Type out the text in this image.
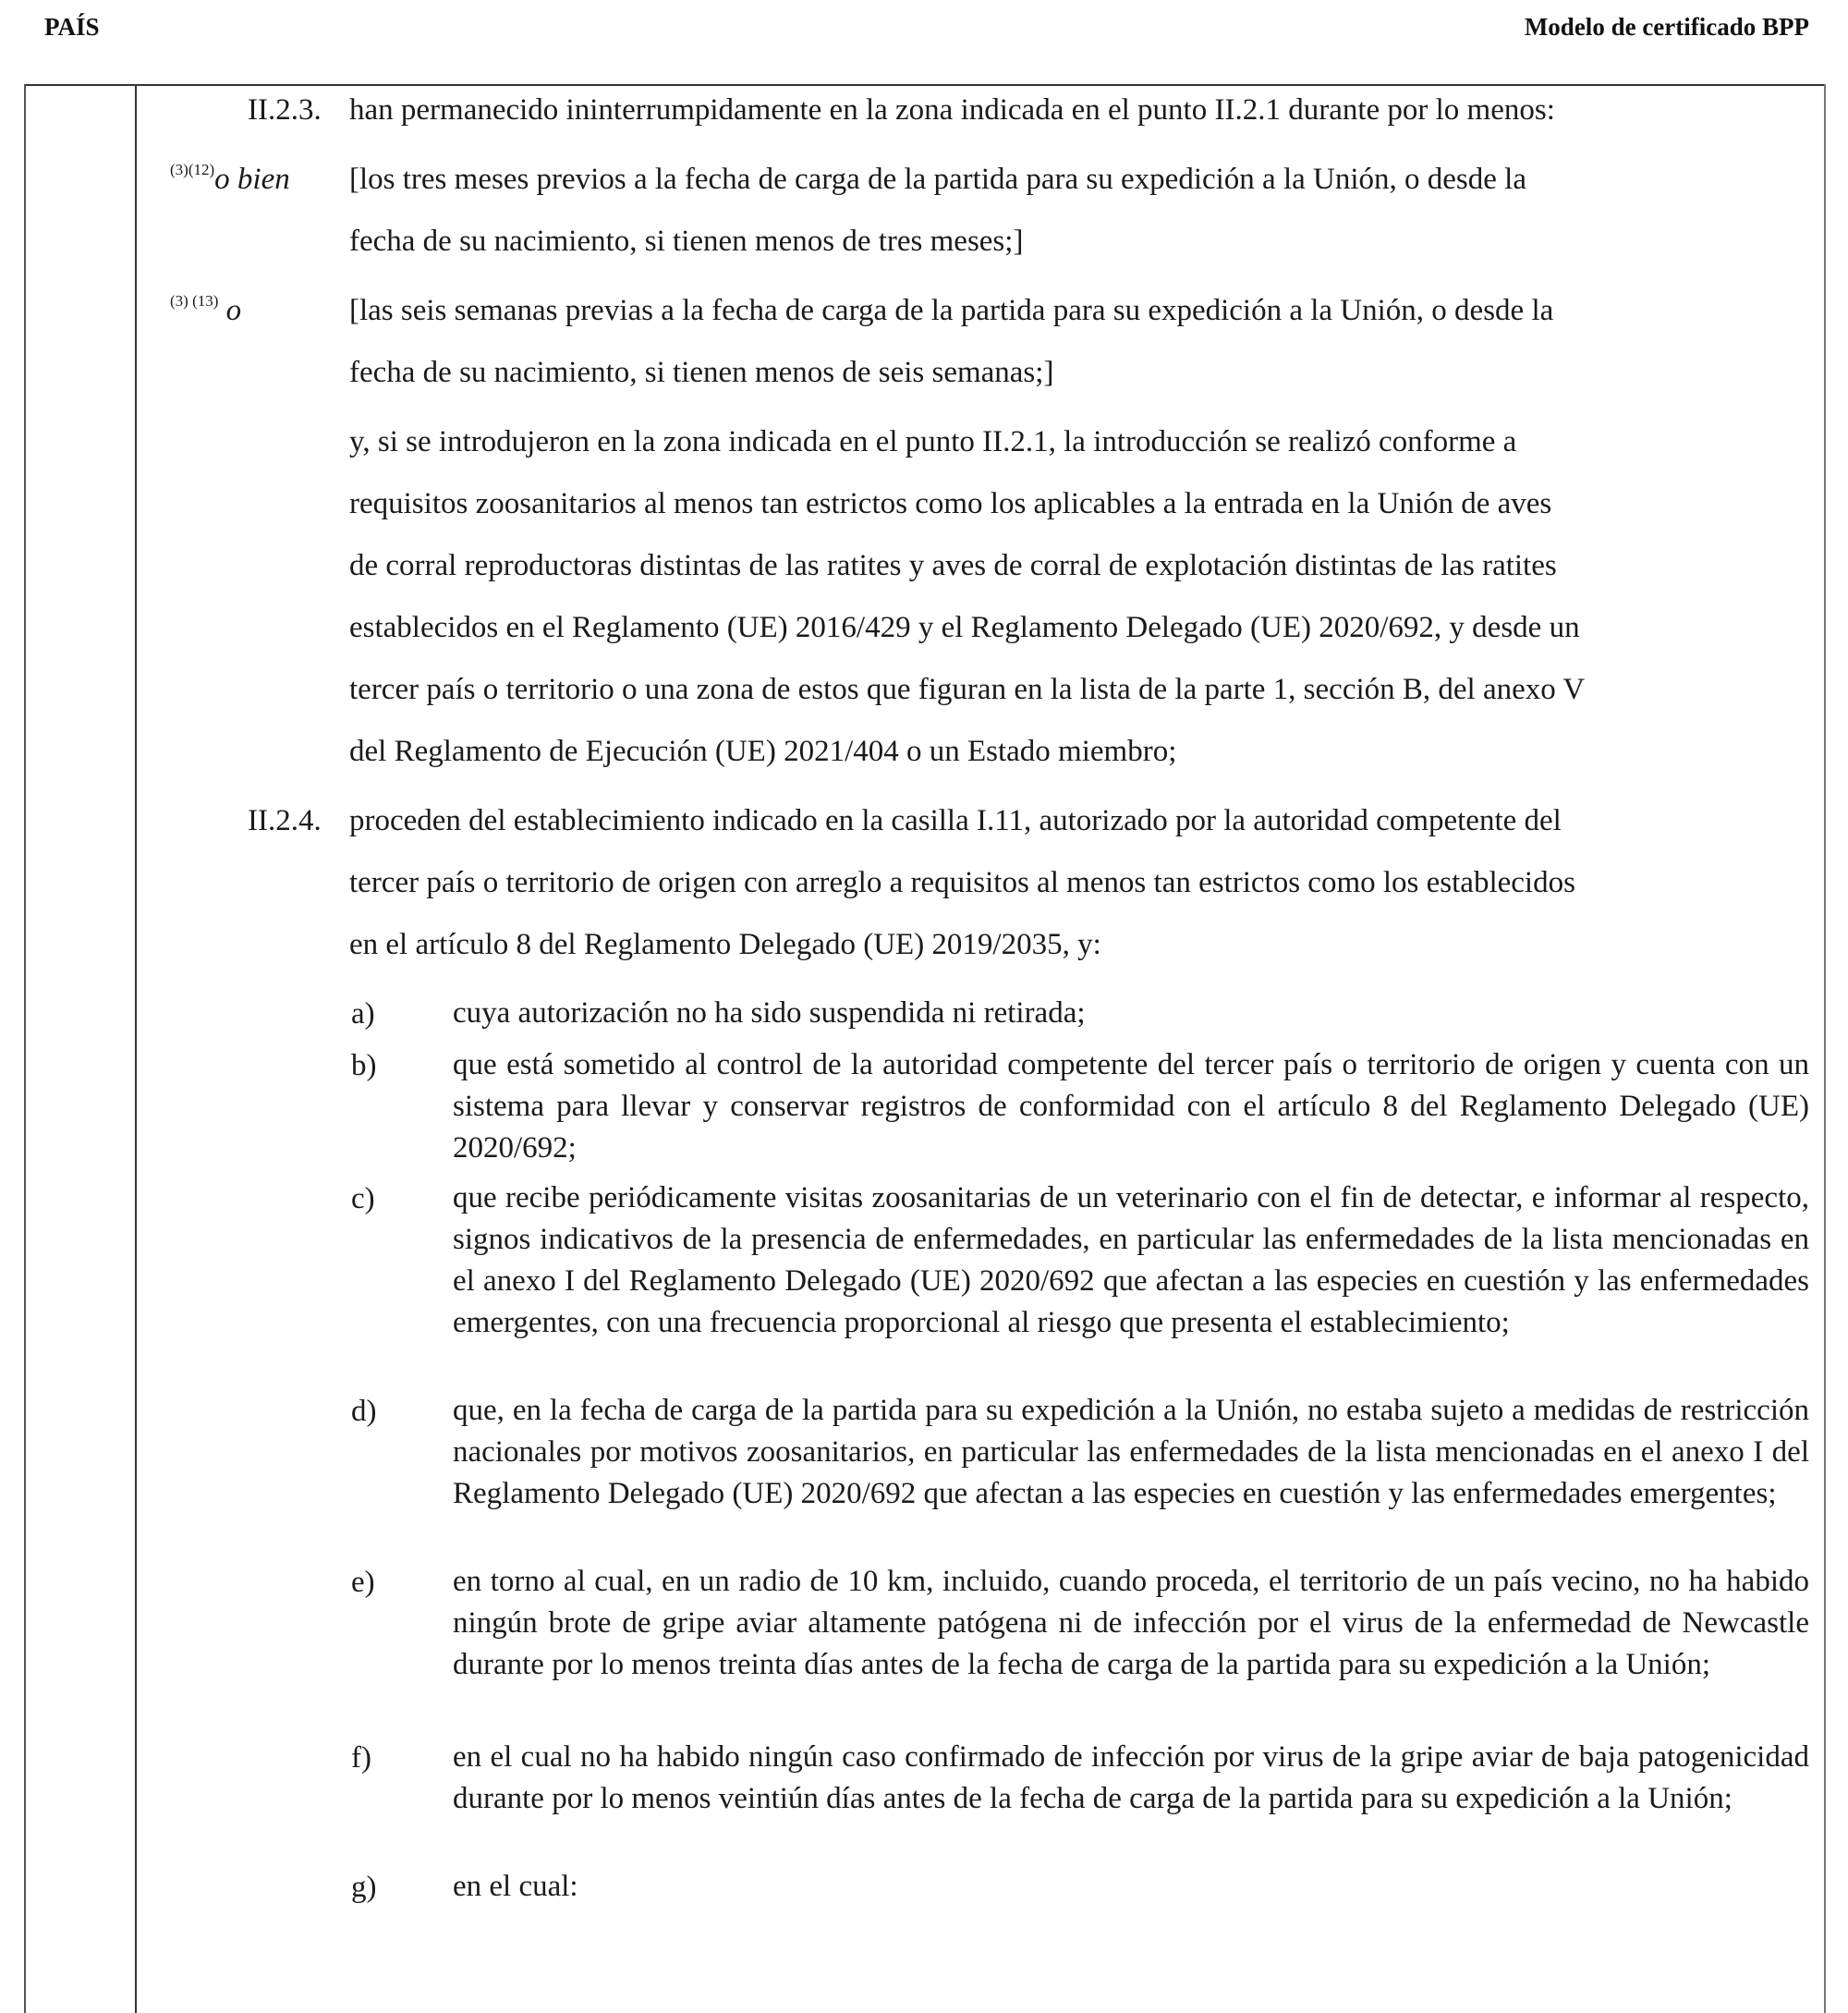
PAÍS	Modelo de certificado BPP
II.2.3. han permanecido ininterrumpidamente en la zona indicada en el punto II.2.1 durante por lo menos:
$^{(3)(12)}$o bien [los tres meses previos a la fecha de carga de la partida para su expedición a la Unión, o desde la
fecha de su nacimiento, si tienen menos de tres meses;]
$^{(3) (13)}$ o	[las seis semanas previas a la fecha de carga de la partida para su expedición a la Unión, o desde la
fecha de su nacimiento, si tienen menos de seis semanas;]
y, si se introdujeron en la zona indicada en el punto II.2.1, la introducción se realizó conforme a
requisitos zoosanitarios al menos tan estrictos como los aplicables a la entrada en la Unión de aves
de corral reproductoras distintas de las ratites y aves de corral de explotación distintas de las ratites
establecidos en el Reglamento (UE) 2016/429 y el Reglamento Delegado (UE) 2020/692, y desde un
tercer país o territorio o una zona de estos que figuran en la lista de la parte 1, sección B, del anexo V
del Reglamento de Ejecución (UE) 2021/404 o un Estado miembro;
II.2.4. proceden del establecimiento indicado en la casilla I.11, autorizado por la autoridad competente del
tercer país o territorio de origen con arreglo a requisitos al menos tan estrictos como los establecidos
en el artículo 8 del Reglamento Delegado (UE) 2019/2035, y:
a)	cuya autorización no ha sido suspendida ni retirada;
b)	que está sometido al control de la autoridad competente del tercer país o territorio de origen y cuenta con un sistema para llevar y conservar registros de conformidad con el artículo 8 del Reglamento Delegado (UE) 2020/692;
c)	que recibe periódicamente visitas zoosanitarias de un veterinario con el fin de detectar, e informar al respecto, signos indicativos de la presencia de enfermedades, en particular las enfermedades de la lista mencionadas en el anexo I del Reglamento Delegado (UE) 2020/692 que afectan a las especies en cuestión y las enfermedades emergentes, con una frecuencia proporcional al riesgo que presenta el establecimiento;
d)	que, en la fecha de carga de la partida para su expedición a la Unión, no estaba sujeto a medidas de restricción nacionales por motivos zoosanitarios, en particular las enfermedades de la lista mencionadas en el anexo I del Reglamento Delegado (UE) 2020/692 que afectan a las especies en cuestión y las enfermedades emergentes;
e)	en torno al cual, en un radio de 10 km, incluido, cuando proceda, el territorio de un país vecino, no ha habido ningún brote de gripe aviar altamente patógena ni de infección por el virus de la enfermedad de Newcastle durante por lo menos treinta días antes de la fecha de carga de la partida para su expedición a la Unión;
f)	en el cual no ha habido ningún caso confirmado de infección por virus de la gripe aviar de baja patogenicidad durante por lo menos veintiún días antes de la fecha de carga de la partida para su expedición a la Unión;
g)	en el cual:
